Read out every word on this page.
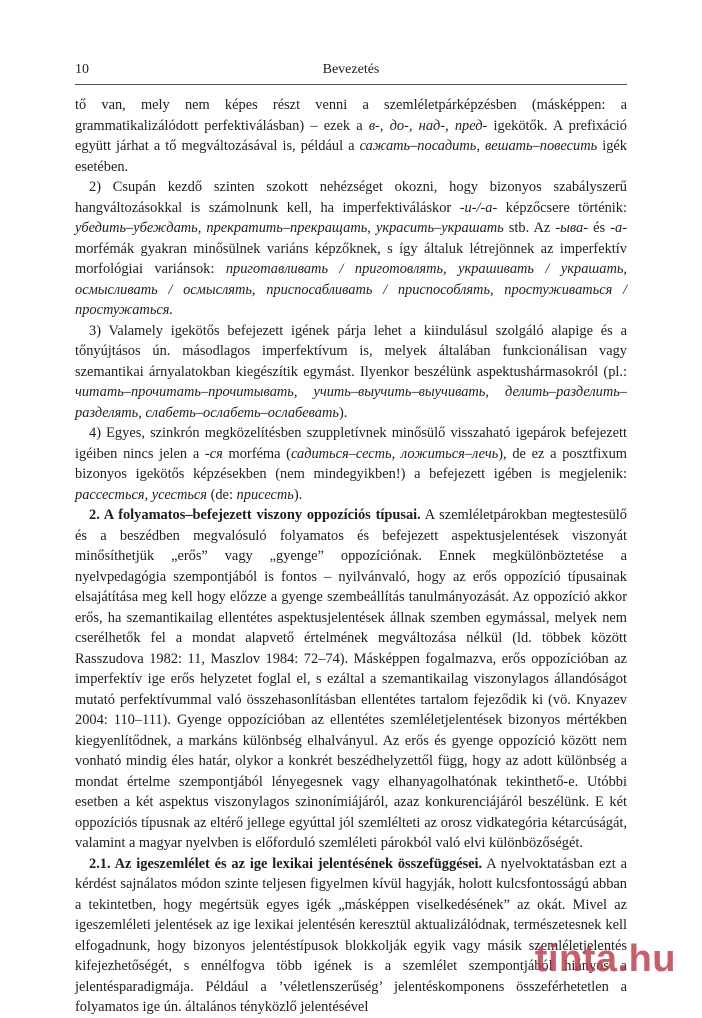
10	Bevezetés

tő van, mely nem képes részt venni a szemléletpárképzésben (másképpen: a grammatikalizálódott perfektiválásban) – ezek a в-, до-, над-, пред- igekötők. A prefixáció együtt járhat a tő megváltozásával is, például a сажать–посадить, вешать–повесить igék esetében.

2) Csupán kezdő szinten szokott nehézséget okozni, hogy bizonyos szabályszerű hangváltozásokkal is számolnunk kell, ha imperfektiváláskor -и-/-а- képzőcsere történik: убедить–убеждать, прекратить–прекращать, украсить–украшать stb. Az -ыва- és -а- morfémák gyakran minősülnek variáns képzőknek, s így általuk létrejönnek az imperfektív morfológiai variánsok: приготавливать / приготовлять, украшивать / украшать, осмысливать / осмыслять, приспосабливать / приспособлять, простуживаться / простужаться.

3) Valamely igekötős befejezett igének párja lehet a kiindulásul szolgáló alapige és a tőnyújtásos ún. másodlagos imperfektívum is, melyek általában funkcionálisan vagy szemantikai árnyalatokban kiegészítik egymást. Ilyenkor beszélünk aspektushármasokról (pl.: читать–прочитать–прочитывать, учить–выучить–выучивать, делить–разделить–разделять, слабеть–ослабеть–ослабевать).

4) Egyes, szinkrón megközelítésben szuppletívnek minősülő visszaható igepárok befejezett igéiben nincs jelen a -ся morféma (садиться–сесть, ложиться–лечь), de ez a posztfixum bizonyos igekötős képzésekben (nem mindegyikben!) a befejezett igében is megjelenik: рассесться, усесться (de: присесть).

2. A folyamatos–befejezett viszony oppozíciós típusai. A szemléletpárokban megtestesülő és a beszédben megvalósuló folyamatos és befejezett aspektusjelentések viszonyát minősíthetjük „erős” vagy „gyenge” oppozíciónak. Ennek megkülönböztetése a nyelvpedagógia szempontjából is fontos – nyilvánvaló, hogy az erős oppozíció típusainak elsajátítása meg kell hogy előzze a gyenge szembeállítás tanulmányozását. Az oppozíció akkor erős, ha szemantikailag ellentétes aspektusjelentések állnak szemben egymással, melyek nem cserélhetők fel a mondat alapvető értelmének megváltozása nélkül (ld. többek között Rasszudova 1982: 11, Maszlov 1984: 72–74). Másképpen fogalmazva, erős oppozícióban az imperfektív ige erős helyzetet foglal el, s ezáltal a szemantikailag viszonylagos állandóságot mutató perfektívummal való összehasonlításban ellentétes tartalom fejeződik ki (vö. Knyazev 2004: 110–111). Gyenge oppozícióban az ellentétes szemléletjelentések bizonyos mértékben kiegyenlítődnek, a markáns különbség elhalványul. Az erős és gyenge oppozíció között nem vonható mindig éles határ, olykor a konkrét beszédhelyzettől függ, hogy az adott különbség a mondat értelme szempontjából lényegesnek vagy elhanyagolhatónak tekinthető-e. Utóbbi esetben a két aspektus viszonylagos szinonímiájáról, azaz konkurenciájáról beszélünk. E két oppozíciós típusnak az eltérő jellege egyúttal jól szemlélteti az orosz vidkategória kétarcúságát, valamint a magyar nyelvben is előforduló szemléleti párokból való elvi különbözőségét.

2.1. Az igeszemlélet és az ige lexikai jelentésének összefüggései. A nyelvoktatásban ezt a kérdést sajnálatos módon szinte teljesen figyelmen kívül hagyják, holott kulcsfontosságú abban a tekintetben, hogy megértsük egyes igék „másképpen viselkedésének” az okát. Mivel az igeszemléleti jelentések az ige lexikai jelentésén keresztül aktualizálódnak, természetesnek kell elfogadnunk, hogy bizonyos jelentéstípusok blokkolják egyik vagy másik szemléletjelentés kifejezhetőségét, s ennélfogva több igének is a szemlélet szempontjából hiányos a jelentésparadigmája. Például a ’véletlenszerűség’ jelentéskomponens összeférhetetlen a folyamatos ige ún. általános tényközlő jelentésével

tinta.hu
